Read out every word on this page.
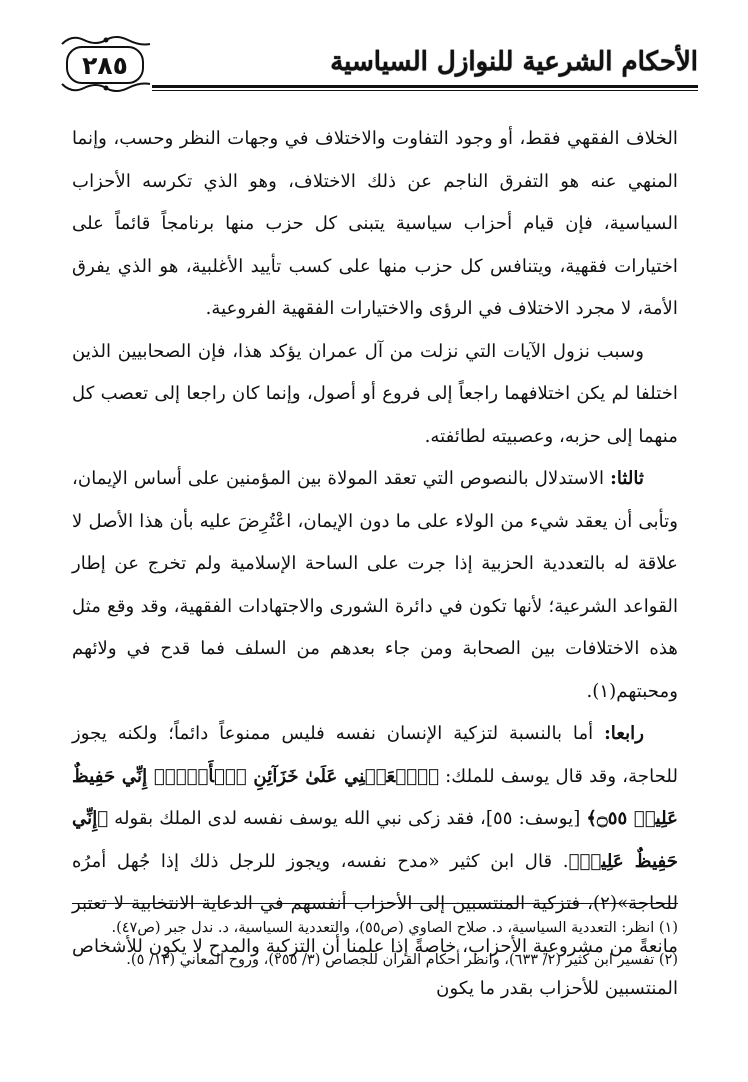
٢٨٥	الأحكام الشرعية للنوازل السياسية

الخلاف الفقهي فقط، أو وجود التفاوت والاختلاف في وجهات النظر وحسب، وإنما المنهي عنه هو التفرق الناجم عن ذلك الاختلاف، وهو الذي تكرسه الأحزاب السياسية، فإن قيام أحزاب سياسية يتبنى كل حزب منها برنامجاً قائماً على اختيارات فقهية، ويتنافس كل حزب منها على كسب تأييد الأغلبية، هو الذي يفرق الأمة، لا مجرد الاختلاف في الرؤى والاختيارات الفقهية الفروعية.

وسبب نزول الآيات التي نزلت من آل عمران يؤكد هذا، فإن الصحابيين الذين اختلفا لم يكن اختلافهما راجعاً إلى فروع أو أصول، وإنما كان راجعا إلى تعصب كل منهما إلى حزبه، وعصبيته لطائفته.

ثالثا: الاستدلال بالنصوص التي تعقد المولاة بين المؤمنين على أساس الإيمان، وتأبى أن يعقد شيء من الولاء على ما دون الإيمان، اعْتُرِضَ عليه بأن هذا الأصل لا علاقة له بالتعددية الحزبية إذا جرت على الساحة الإسلامية ولم تخرج عن إطار القواعد الشرعية؛ لأنها تكون في دائرة الشورى والاجتهادات الفقهية، وقد وقع مثل هذه الاختلافات بين الصحابة ومن جاء بعدهم من السلف فما قدح في ولائهم ومحبتهم(١).

رابعا: أما بالنسبة لتزكية الإنسان نفسه فليس ممنوعاً دائماً؛ ولكنه يجوز للحاجة، وقد قال يوسف للملك: ﴿ٱجۡعَلۡنِي عَلَىٰ خَزَآئِنِ ٱلۡأَرۡضِۖ إِنِّي حَفِيظٌ عَلِيمٞ ۝٥٥﴾ [يوسف: ٥٥]، فقد زكى نبي الله يوسف نفسه لدى الملك بقوله ﴿إِنِّي حَفِيظٌ عَلِيمٞ﴾. قال ابن كثير «مدح نفسه، ويجوز للرجل ذلك إذا جُهل أمرُه للحاجة»(٢)، فتزكية المنتسبين إلى الأحزاب أنفسهم في الدعاية الانتخابية لا تعتبر مانعةً من مشروعية الأحزاب، خاصةً إذا علمنا أن التزكية والمدح لا يكون للأشخاص المنتسبين للأحزاب بقدر ما يكون

(١) انظر: التعددية السياسية، د. صلاح الصاوي (ص٥٥)، والتعددية السياسية، د. ندل جبر (ص٤٧).

(٢) تفسير ابن كثير (٢/ ٦٣٣)، وانظر أحكام القرآن للجصاص (٣/ ٢٥٥)، وروح المعاني (١٣/ ٥).
